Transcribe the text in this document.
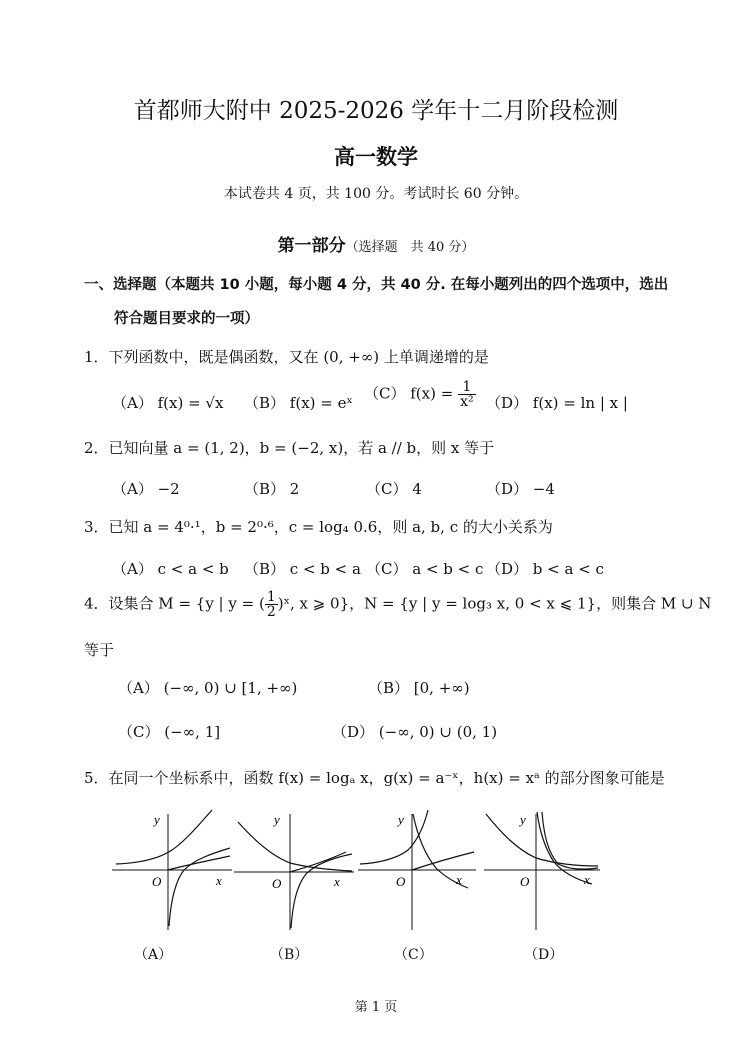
首都师大附中 2025-2026 学年十二月阶段检测
高一数学
本试卷共 4 页，共 100 分。考试时长 60 分钟。
第一部分（选择题　共 40 分）
一、选择题（本题共 10 小题，每小题 4 分，共 40 分. 在每小题列出的四个选项中，选出
符合题目要求的一项）
1．下列函数中，既是偶函数，又在 (0, +∞) 上单调递增的是
（A） f(x) = √x （B） f(x) = eˣ
（C） $f(x) = \frac{1}{\text{x²}} (D) f(x) = \ln$ | x |
2．已知向量 a = (1, 2)，b = (−2, x)，若 a // b，则 x 等于
（A） −2	（B） 2	（C） 4	（D） −4
3．已知 a = 4⁰·¹，b = 2⁰·⁶，c = log₄ 0.6，则 a, b, c 的大小关系为
（A） c < a < b （B） c < b < a （C） a < b < c （D） b < a < c
4．设集合 M = {y | y = ( $\frac{1}{2}$ )ˣ, x ⩾ 0}，N = {y | y = log₃ x, 0 < x ⩽ 1}，则集合 M ∪ N
等于
（A） (−∞, 0) ∪ [1, +∞)	（B） [0, +∞)
（C） (−∞, 1]	（D） (−∞, 0) ∪ (0, 1)
5．在同一个坐标系中，函数 f(x) = logₐ x，g(x) = a⁻ˣ，h(x) = xᵃ 的部分图象可能是
y
x
O
y
x
O
y
x
O
y
x
O
（A）	（B）	（C）	（D）
第 1 页
